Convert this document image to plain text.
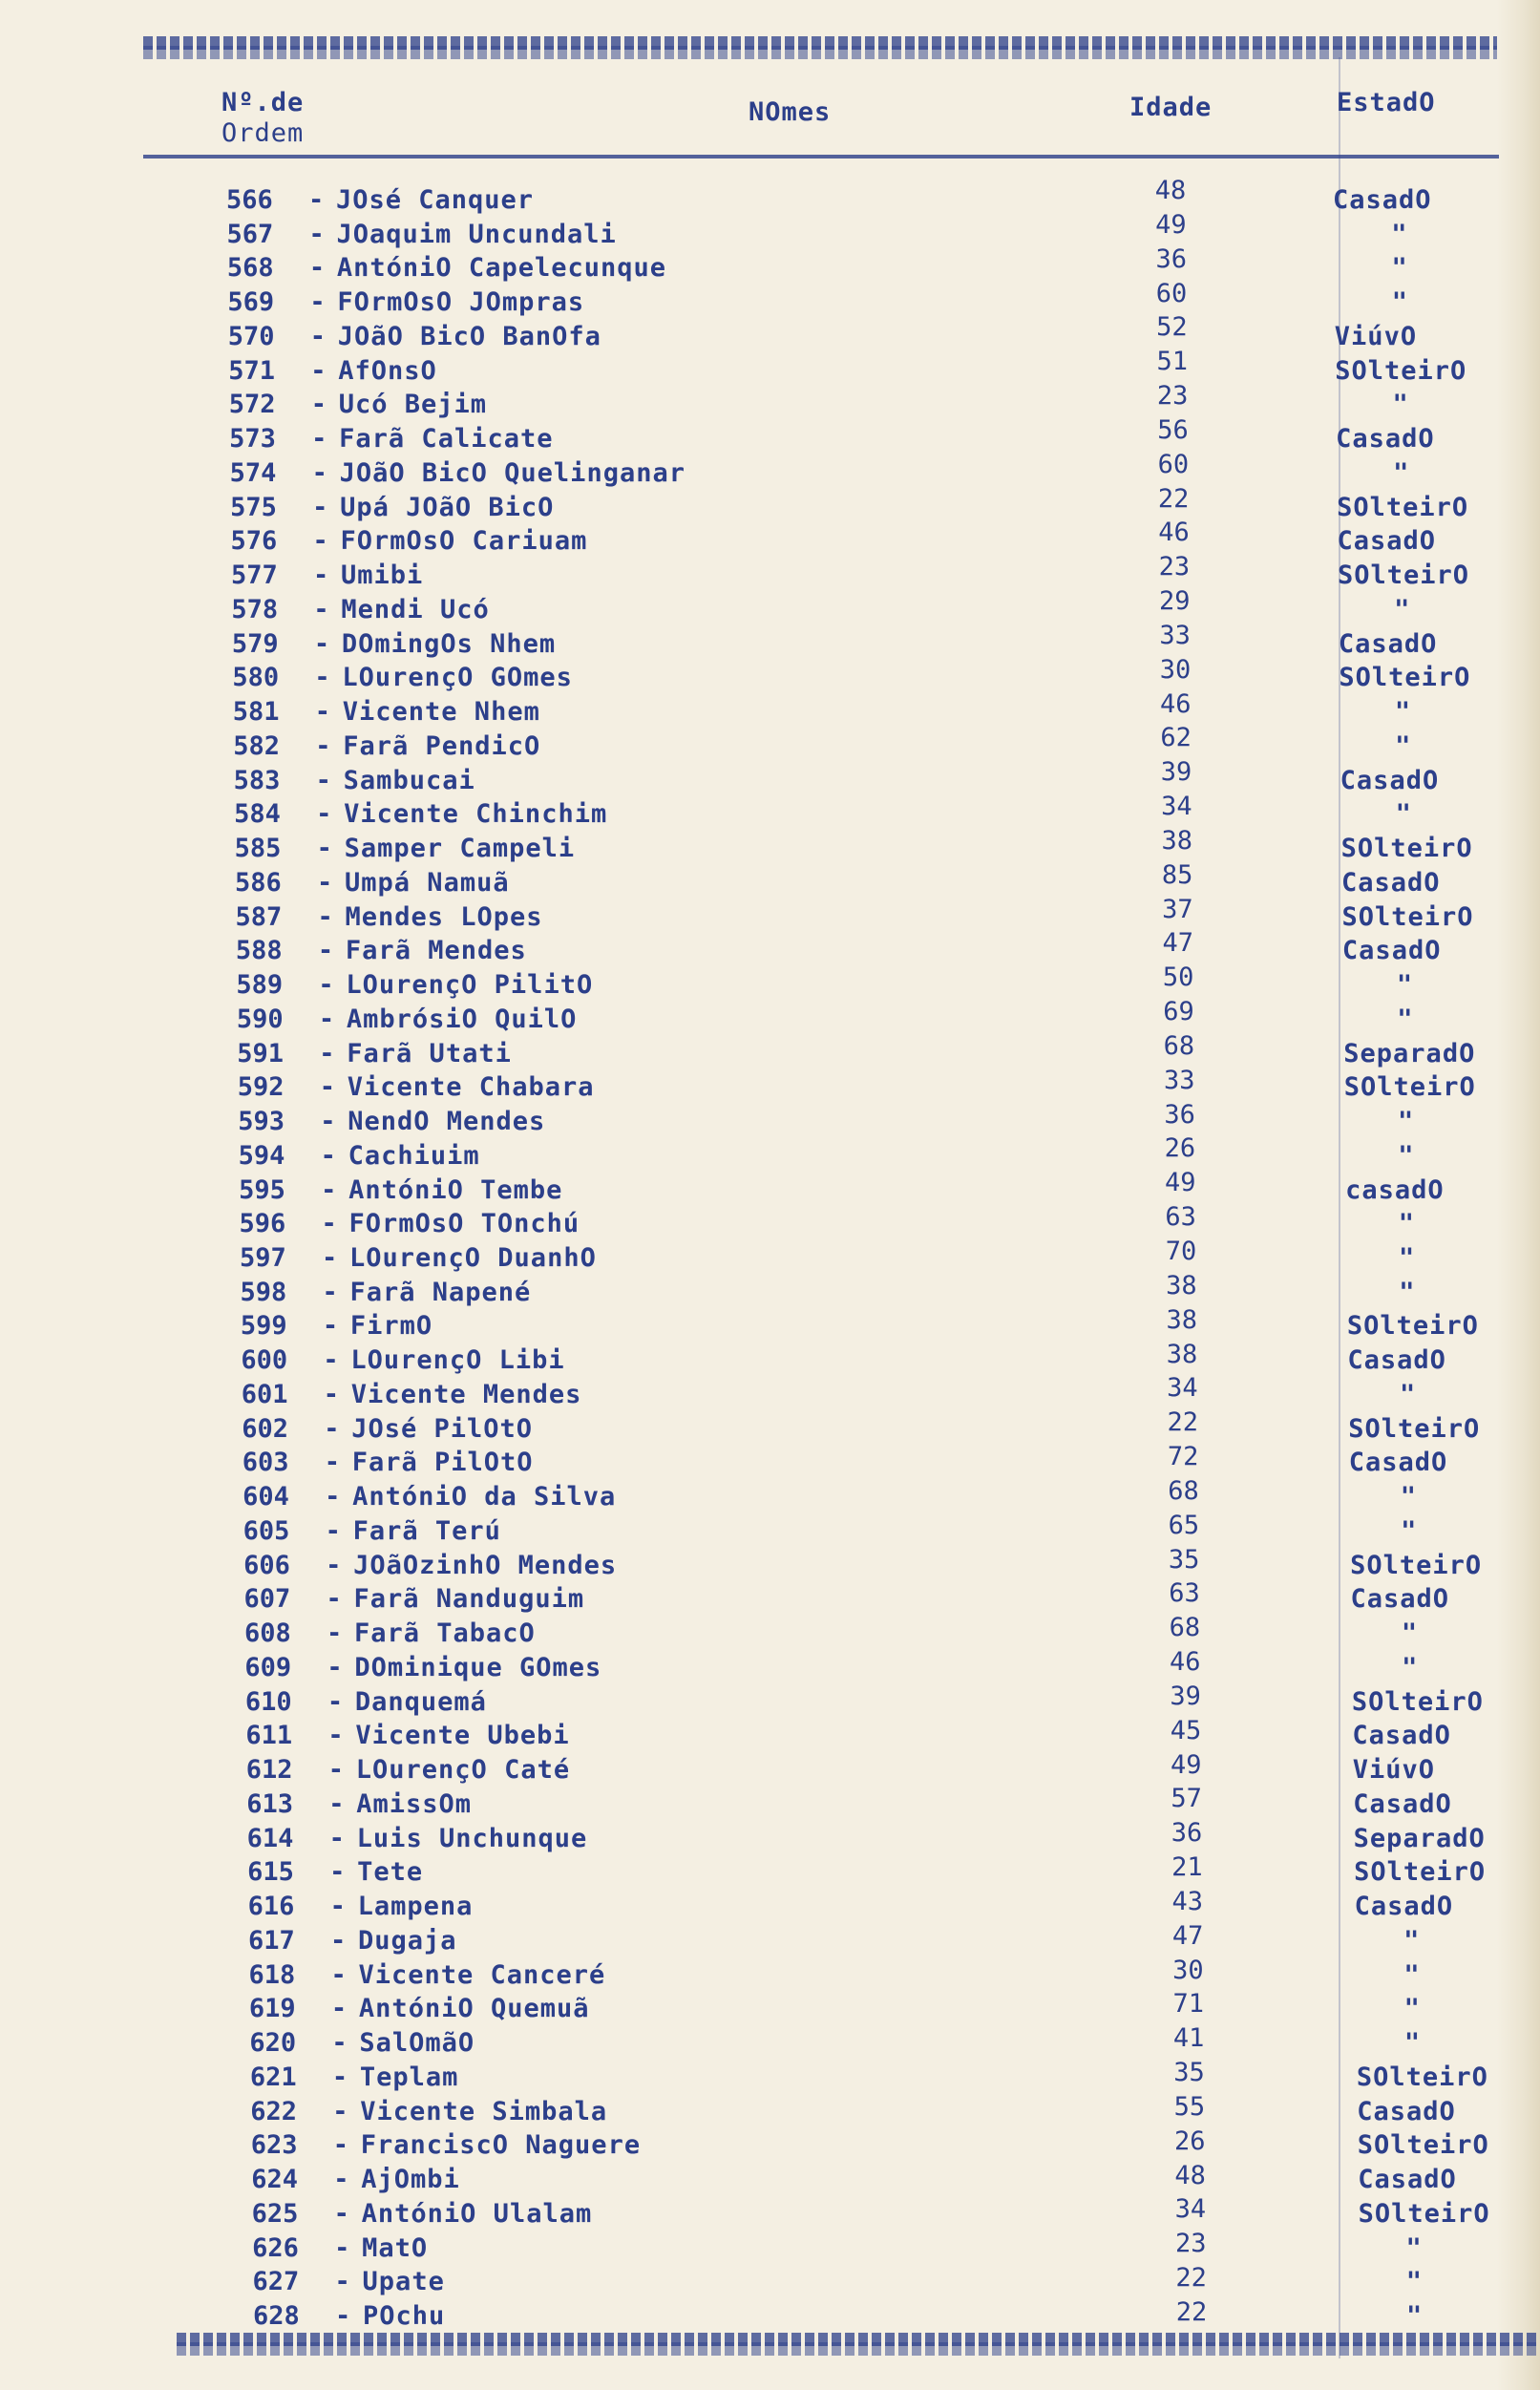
Nº.de
Ordem
NOmes	Idade	EstadO
566	- JOsé Canquer	48	CasadO
567	- JOaquim Uncundali	49	"
568	- AntóniO Capelecunque	36	"
569	- FOrmOsO JOmpras	60	"
570	- JOãO BicO BanOfa	52	ViúvO
571	- AfOnsO	51	SOlteirO
572	- Ucó Bejim	23	"
573	- Farã Calicate	56	CasadO
574	- JOãO BicO Quelinganar	60	"
575	- Upá JOãO BicO	22	SOlteirO
576	- FOrmOsO Cariuam	46	CasadO
577	- Umibi	23	SOlteirO
578	- Mendi Ucó	29	"
579	- DOmingOs Nhem	33	CasadO
580	- LOurençO GOmes	30	SOlteirO
581	- Vicente Nhem	46	"
582	- Farã PendicO	62	"
583	- Sambucai	39	CasadO
584	- Vicente Chinchim	34	"
585	- Samper Campeli	38	SOlteirO
586	- Umpá Namuã	85	CasadO
587	- Mendes LOpes	37	SOlteirO
588	- Farã Mendes	47	CasadO
589	- LOurençO PilitO	50	"
590	- AmbrósiO QuilO	69	"
591	- Farã Utati	68	SeparadO
592	- Vicente Chabara	33	SOlteirO
593	- NendO Mendes	36	"
594	- Cachiuim	26	"
595	- AntóniO Tembe	49	casadO
596	- FOrmOsO TOnchú	63	"
597	- LOurençO DuanhO	70	"
598	- Farã Napené	38	"
599	- FirmO	38	SOlteirO
600	- LOurençO Libi	38	CasadO
601	- Vicente Mendes	34	"
602	- JOsé PilOtO	22	SOlteirO
603	- Farã PilOtO	72	CasadO
604	- AntóniO da Silva	68	"
605	- Farã Terú	65	"
606	- JOãOzinhO Mendes	35	SOlteirO
607	- Farã Nanduguim	63	CasadO
608	- Farã TabacO	68	"
609	- DOminique GOmes	46	"
610	- Danquemá	39	SOlteirO
611	- Vicente Ubebi	45	CasadO
612	- LOurençO Caté	49	ViúvO
613	- AmissOm	57	CasadO
614	- Luis Unchunque	36	SeparadO
615	- Tete	21	SOlteirO
616	- Lampena	43	CasadO
617	- Dugaja	47	"
618	- Vicente Canceré	30	"
619	- AntóniO Quemuã	71	"
620	- SalOmãO	41	"
621	- Teplam	35	SOlteirO
622	- Vicente Simbala	55	CasadO
623	- FranciscO Naguere	26	SOlteirO
624	- AjOmbi	48	CasadO
625	- AntóniO Ulalam	34	SOlteirO
626	- MatO	23	"
627	- Upate	22	"
628	- POchu	22	"
